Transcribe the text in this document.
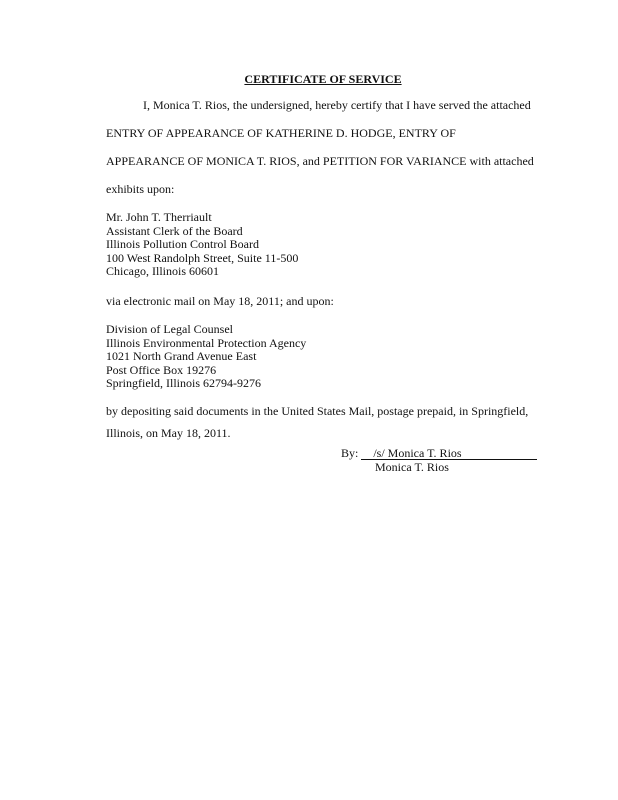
CERTIFICATE OF SERVICE
I, Monica T. Rios, the undersigned, hereby certify that I have served the attached
ENTRY OF APPEARANCE OF KATHERINE D. HODGE, ENTRY OF
APPEARANCE OF MONICA T. RIOS, and PETITION FOR VARIANCE with attached
exhibits upon:
Mr. John T. Therriault
Assistant Clerk of the Board
Illinois Pollution Control Board
100 West Randolph Street, Suite 11-500
Chicago, Illinois 60601
via electronic mail on May 18, 2011; and upon:
Division of Legal Counsel
Illinois Environmental Protection Agency
1021 North Grand Avenue East
Post Office Box 19276
Springfield, Illinois 62794-9276
by depositing said documents in the United States Mail, postage prepaid, in Springfield,
Illinois, on May 18, 2011.
By: /s/ Monica T. Rios
Monica T. Rios
